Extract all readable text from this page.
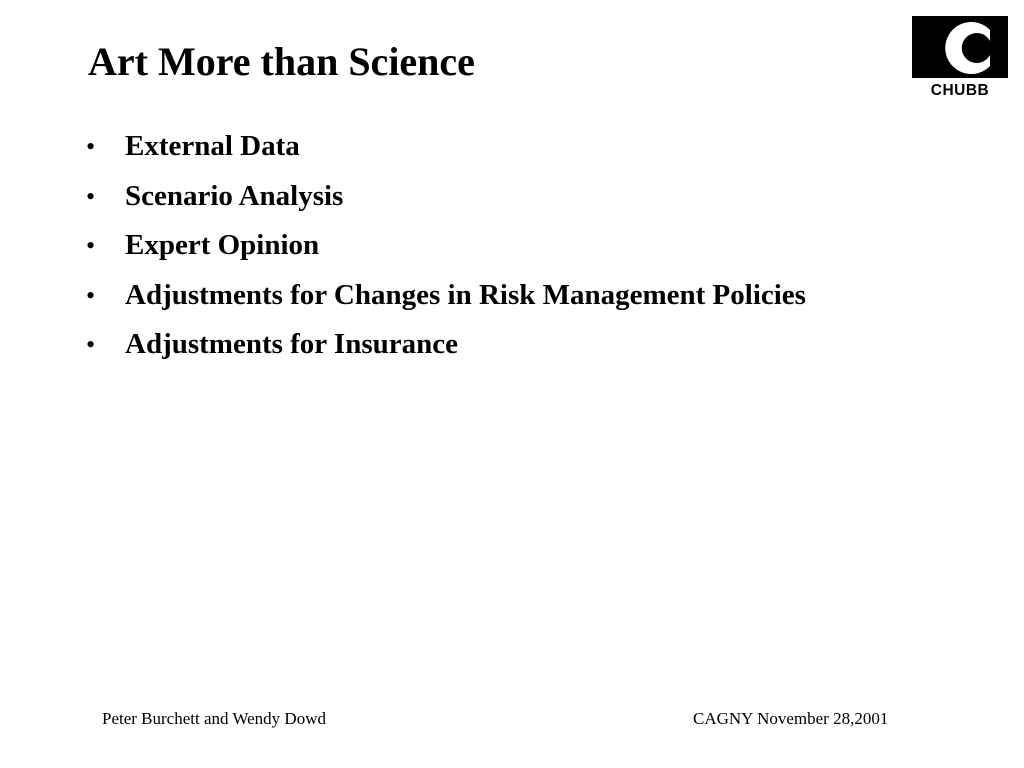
Art More than Science
CHUBB
•	External Data
•	Scenario Analysis
•	Expert Opinion
•	Adjustments for Changes in Risk Management Policies
•	Adjustments for Insurance
Peter Burchett and Wendy Dowd	CAGNY November 28,2001
